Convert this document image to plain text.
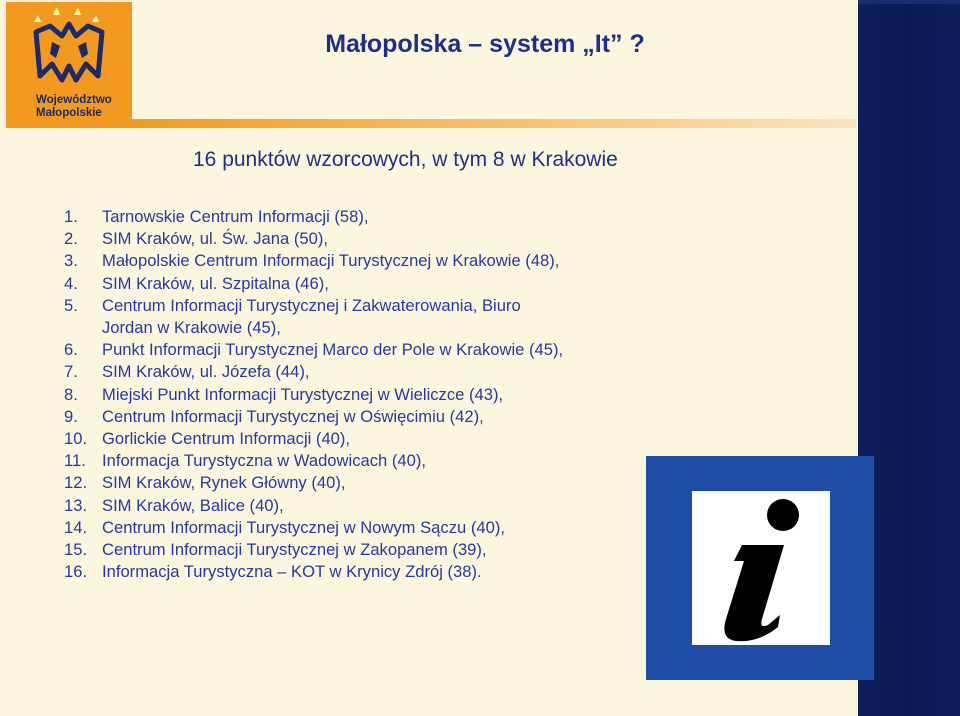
Województwo
Małopolskie
Małopolska – system „It” ?
16 punktów wzorcowych, w tym 8 w Krakowie
1.	Tarnowskie Centrum Informacji (58),
2.	SIM Kraków, ul. Św. Jana (50),
3.	Małopolskie Centrum Informacji Turystycznej w Krakowie (48),
4.	SIM Kraków, ul. Szpitalna (46),
5.	Centrum Informacji Turystycznej i Zakwaterowania, Biuro
Jordan w Krakowie (45),
6.	Punkt Informacji Turystycznej Marco der Pole w Krakowie (45),
7.	SIM Kraków, ul. Józefa (44),
8.	Miejski Punkt Informacji Turystycznej w Wieliczce (43),
9.	Centrum Informacji Turystycznej w Oświęcimiu (42),
10. Gorlickie Centrum Informacji (40),
11. Informacja Turystyczna w Wadowicach (40),
12. SIM Kraków, Rynek Główny (40),
13. SIM Kraków, Balice (40),
14. Centrum Informacji Turystycznej w Nowym Sączu (40),
15. Centrum Informacji Turystycznej w Zakopanem (39),
16. Informacja Turystyczna – KOT w Krynicy Zdrój (38).
